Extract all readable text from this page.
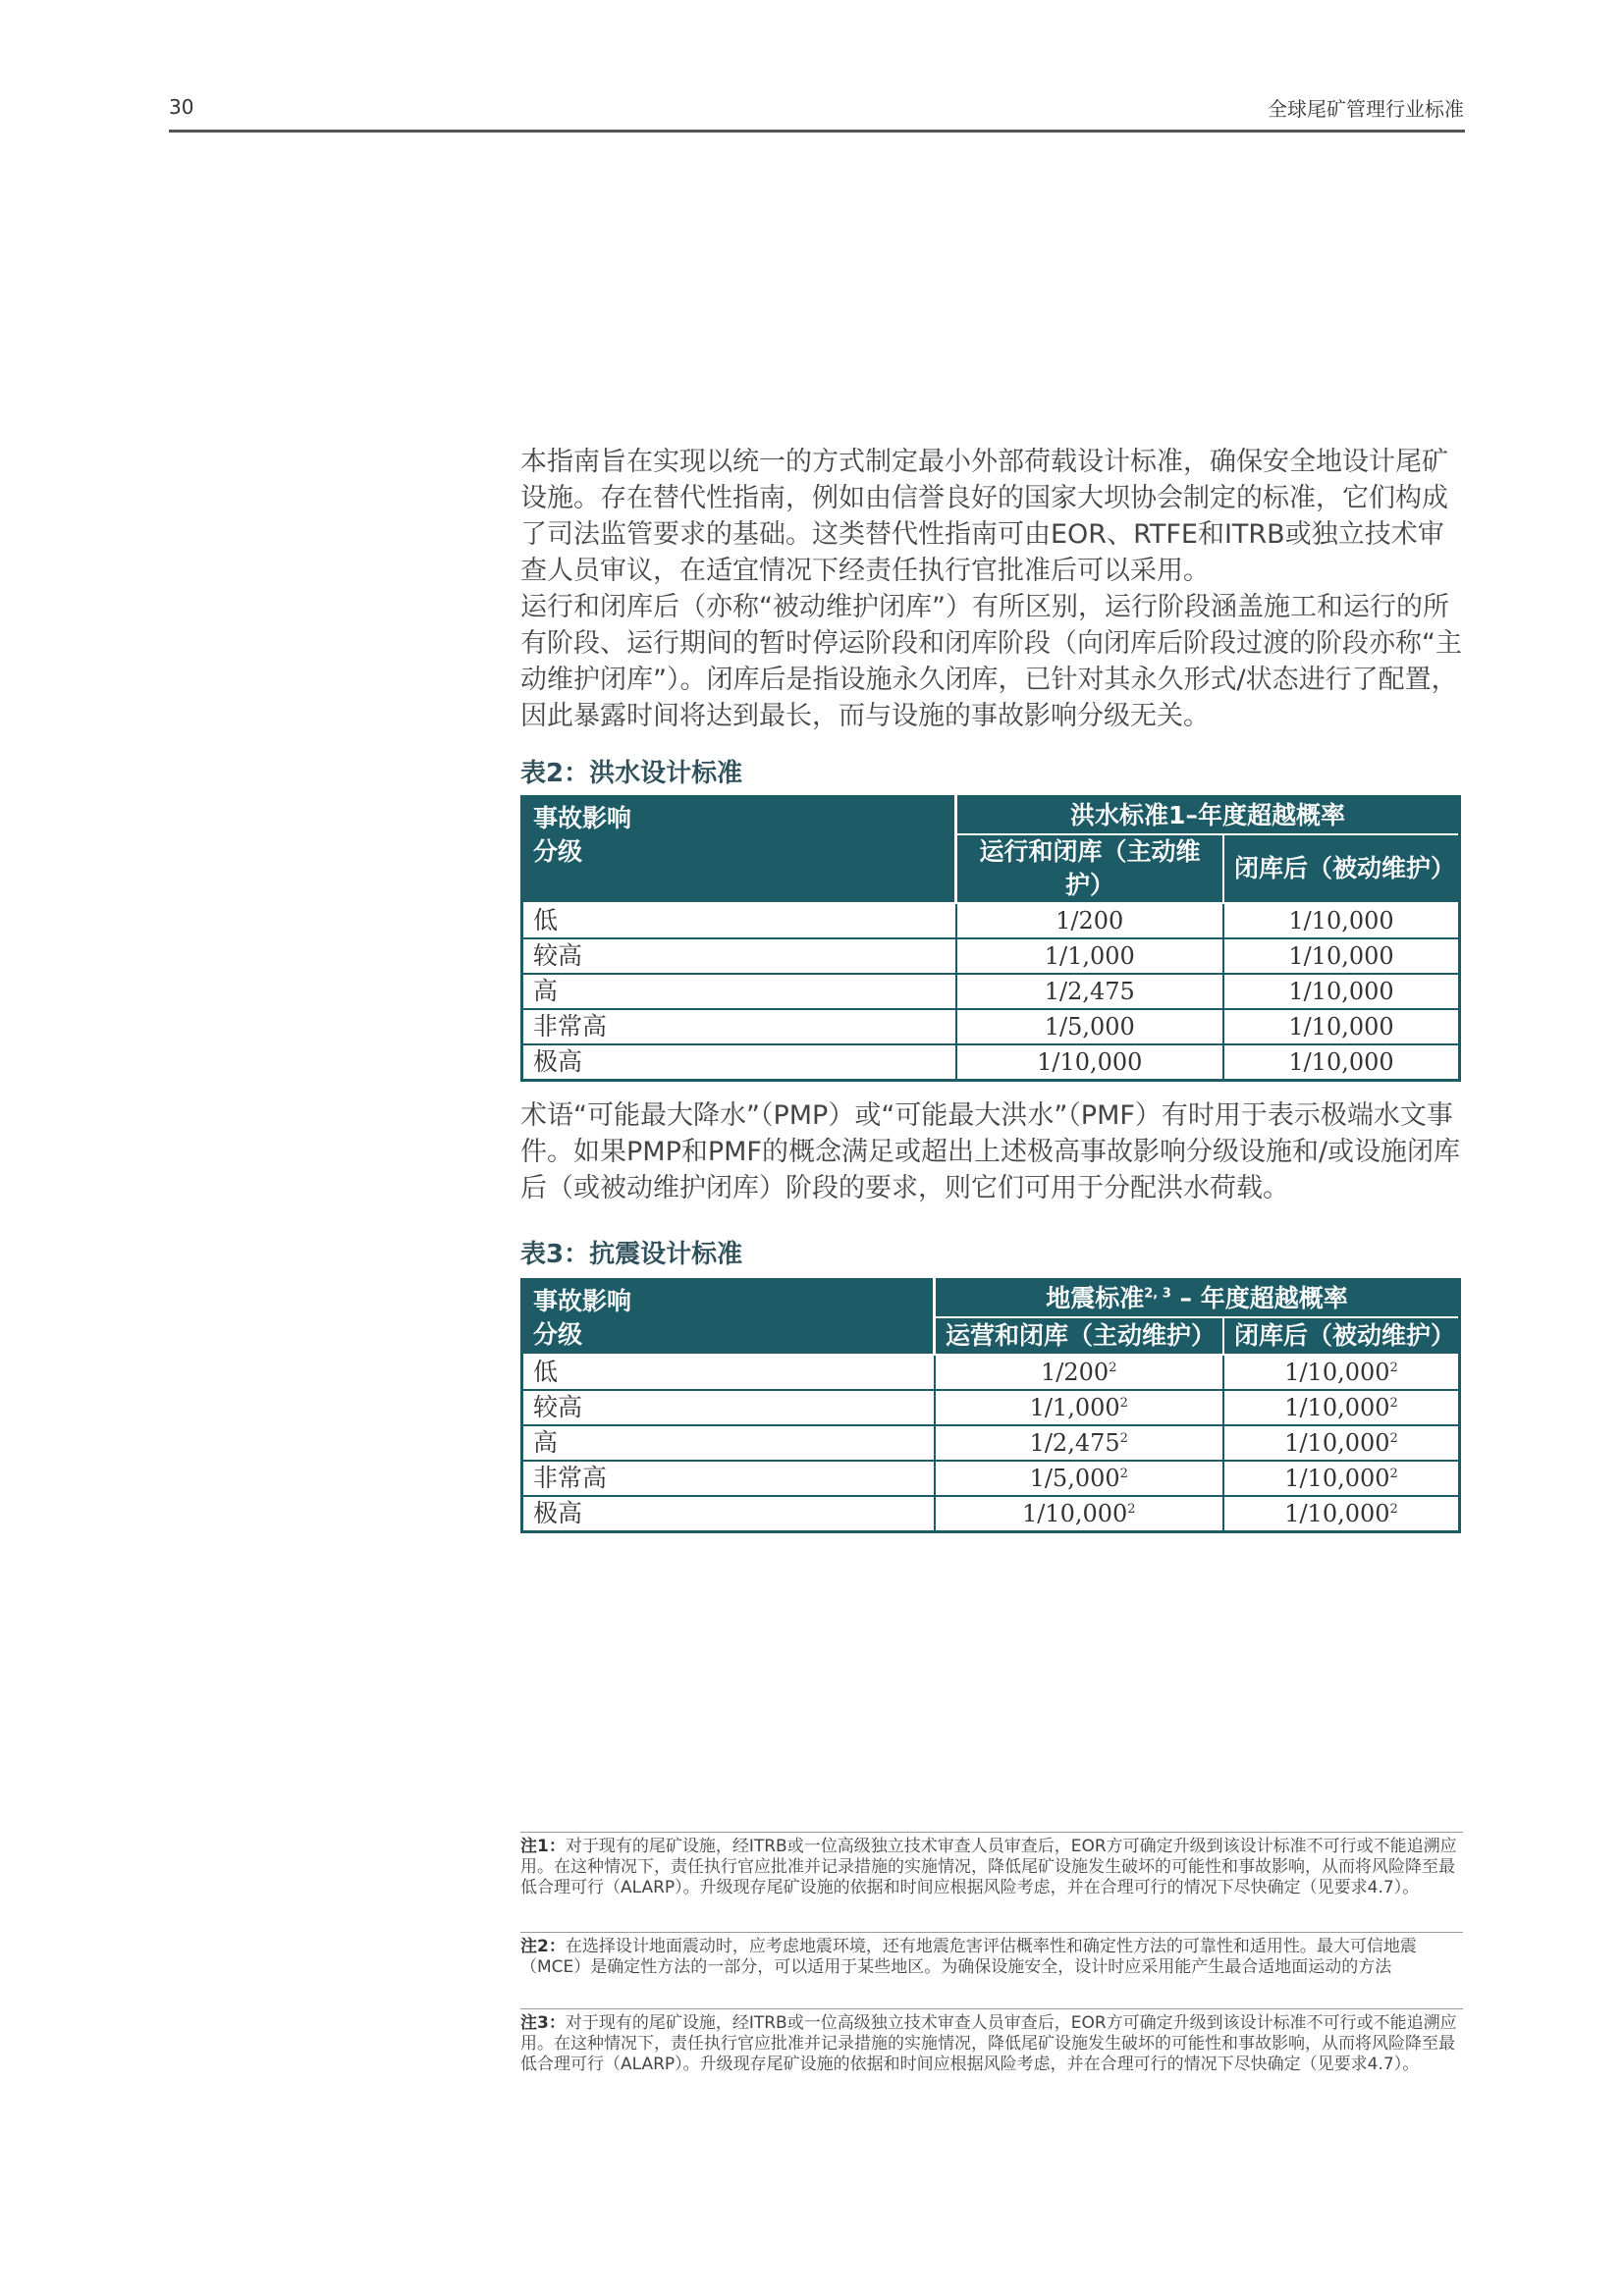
30	全球尾矿管理行业标准

本指南旨在实现以统一的方式制定最小外部荷载设计标准，确保安全地设计尾矿设施。存在替代性指南，例如由信誉良好的国家大坝协会制定的标准，它们构成了司法监管要求的基础。这类替代性指南可由EOR、RTFE和ITRB或独立技术审查人员审议，在适宜情况下经责任执行官批准后可以采用。

运行和闭库后（亦称“被动维护闭库”）有所区别，运行阶段涵盖施工和运行的所有阶段、运行期间的暂时停运阶段和闭库阶段（向闭库后阶段过渡的阶段亦称“主动维护闭库”）。闭库后是指设施永久闭库，已针对其永久形式/状态进行了配置，因此暴露时间将达到最长，而与设施的事故影响分级无关。

表2：洪水设计标准
事故影响
分级	洪水标准1–年度超越概率	
	运行和闭库（主动维护）	闭库后（被动维护）
低	1/200	1/10,000
较高	1/1,000	1/10,000
高	1/2,475	1/10,000
非常高	1/5,000	1/10,000
极高	1/10,000	1/10,000

术语“可能最大降水”（PMP）或“可能最大洪水”（PMF）有时用于表示极端水文事件。如果PMP和PMF的概念满足或超出上述极高事故影响分级设施和/或设施闭库后（或被动维护闭库）阶段的要求，则它们可用于分配洪水荷载。

表3：抗震设计标准
事故影响
分级	地震标准$^{2, 3}$ – 年度超越概率	
	运营和闭库（主动维护）	闭库后（被动维护）
低	$1/200^2$	1/10,000$^2$
较高	1/1,000$^2$	1/10,000$^2$
高	1/2,475$^2$	1/10,000$^2$
非常高	1/5,000$^2$	1/10,000$^2$
极高	1/10,000$^2$	1/10,000$^2$
注1：对于现有的尾矿设施，经ITRB或一位高级独立技术审查人员审查后，EOR方可确定升级到该设计标准不可行或不能追溯应用。在这种情况下，责任执行官应批准并记录措施的实施情况，降低尾矿设施发生破坏的可能性和事故影响，从而将风险降至最低合理可行（ALARP）。升级现存尾矿设施的依据和时间应根据风险考虑，并在合理可行的情况下尽快确定（见要求4.7）。
注2：在选择设计地面震动时，应考虑地震环境，还有地震危害评估概率性和确定性方法的可靠性和适用性。最大可信地震（MCE）是确定性方法的一部分，可以适用于某些地区。为确保设施安全，设计时应采用能产生最合适地面运动的方法
注3：对于现有的尾矿设施，经ITRB或一位高级独立技术审查人员审查后，EOR方可确定升级到该设计标准不可行或不能追溯应用。在这种情况下，责任执行官应批准并记录措施的实施情况，降低尾矿设施发生破坏的可能性和事故影响，从而将风险降至最低合理可行（ALARP）。升级现存尾矿设施的依据和时间应根据风险考虑，并在合理可行的情况下尽快确定（见要求4.7）。
